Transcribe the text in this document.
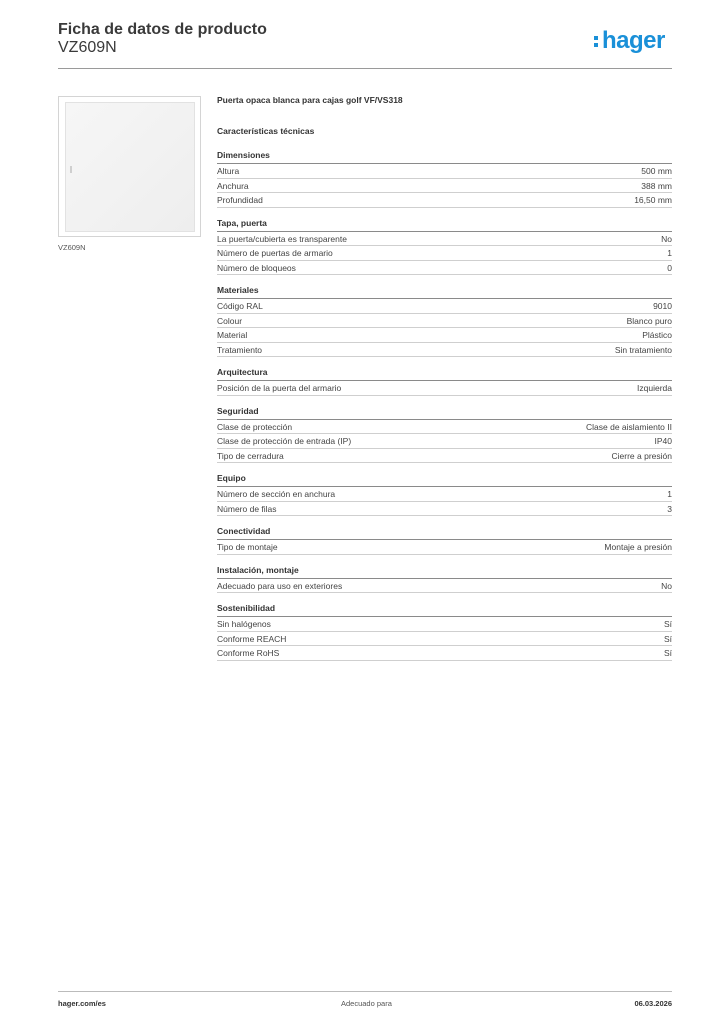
Ficha de datos de producto
VZ609N	hager
VZ609N
Puerta opaca blanca para cajas golf VF/VS318
Características técnicas
Dimensiones
Altura	500 mm
Anchura	388 mm
Profundidad	16,50 mm
Tapa, puerta
La puerta/cubierta es transparente	No
Número de puertas de armario	1
Número de bloqueos	0
Materiales
Código RAL	9010
Colour	Blanco puro
Material	Plástico
Tratamiento	Sin tratamiento
Arquitectura
Posición de la puerta del armario	Izquierda
Seguridad
Clase de protección	Clase de aislamiento II
Clase de protección de entrada (IP)	IP40
Tipo de cerradura	Cierre a presión
Equipo
Número de sección en anchura	1
Número de filas	3
Conectividad
Tipo de montaje	Montaje a presión
Instalación, montaje
Adecuado para uso en exteriores	No
Sostenibilidad
Sin halógenos	Sí
Conforme REACH	Sí
Conforme RoHS	Sí
hager.com/es	Adecuado para	06.03.2026
